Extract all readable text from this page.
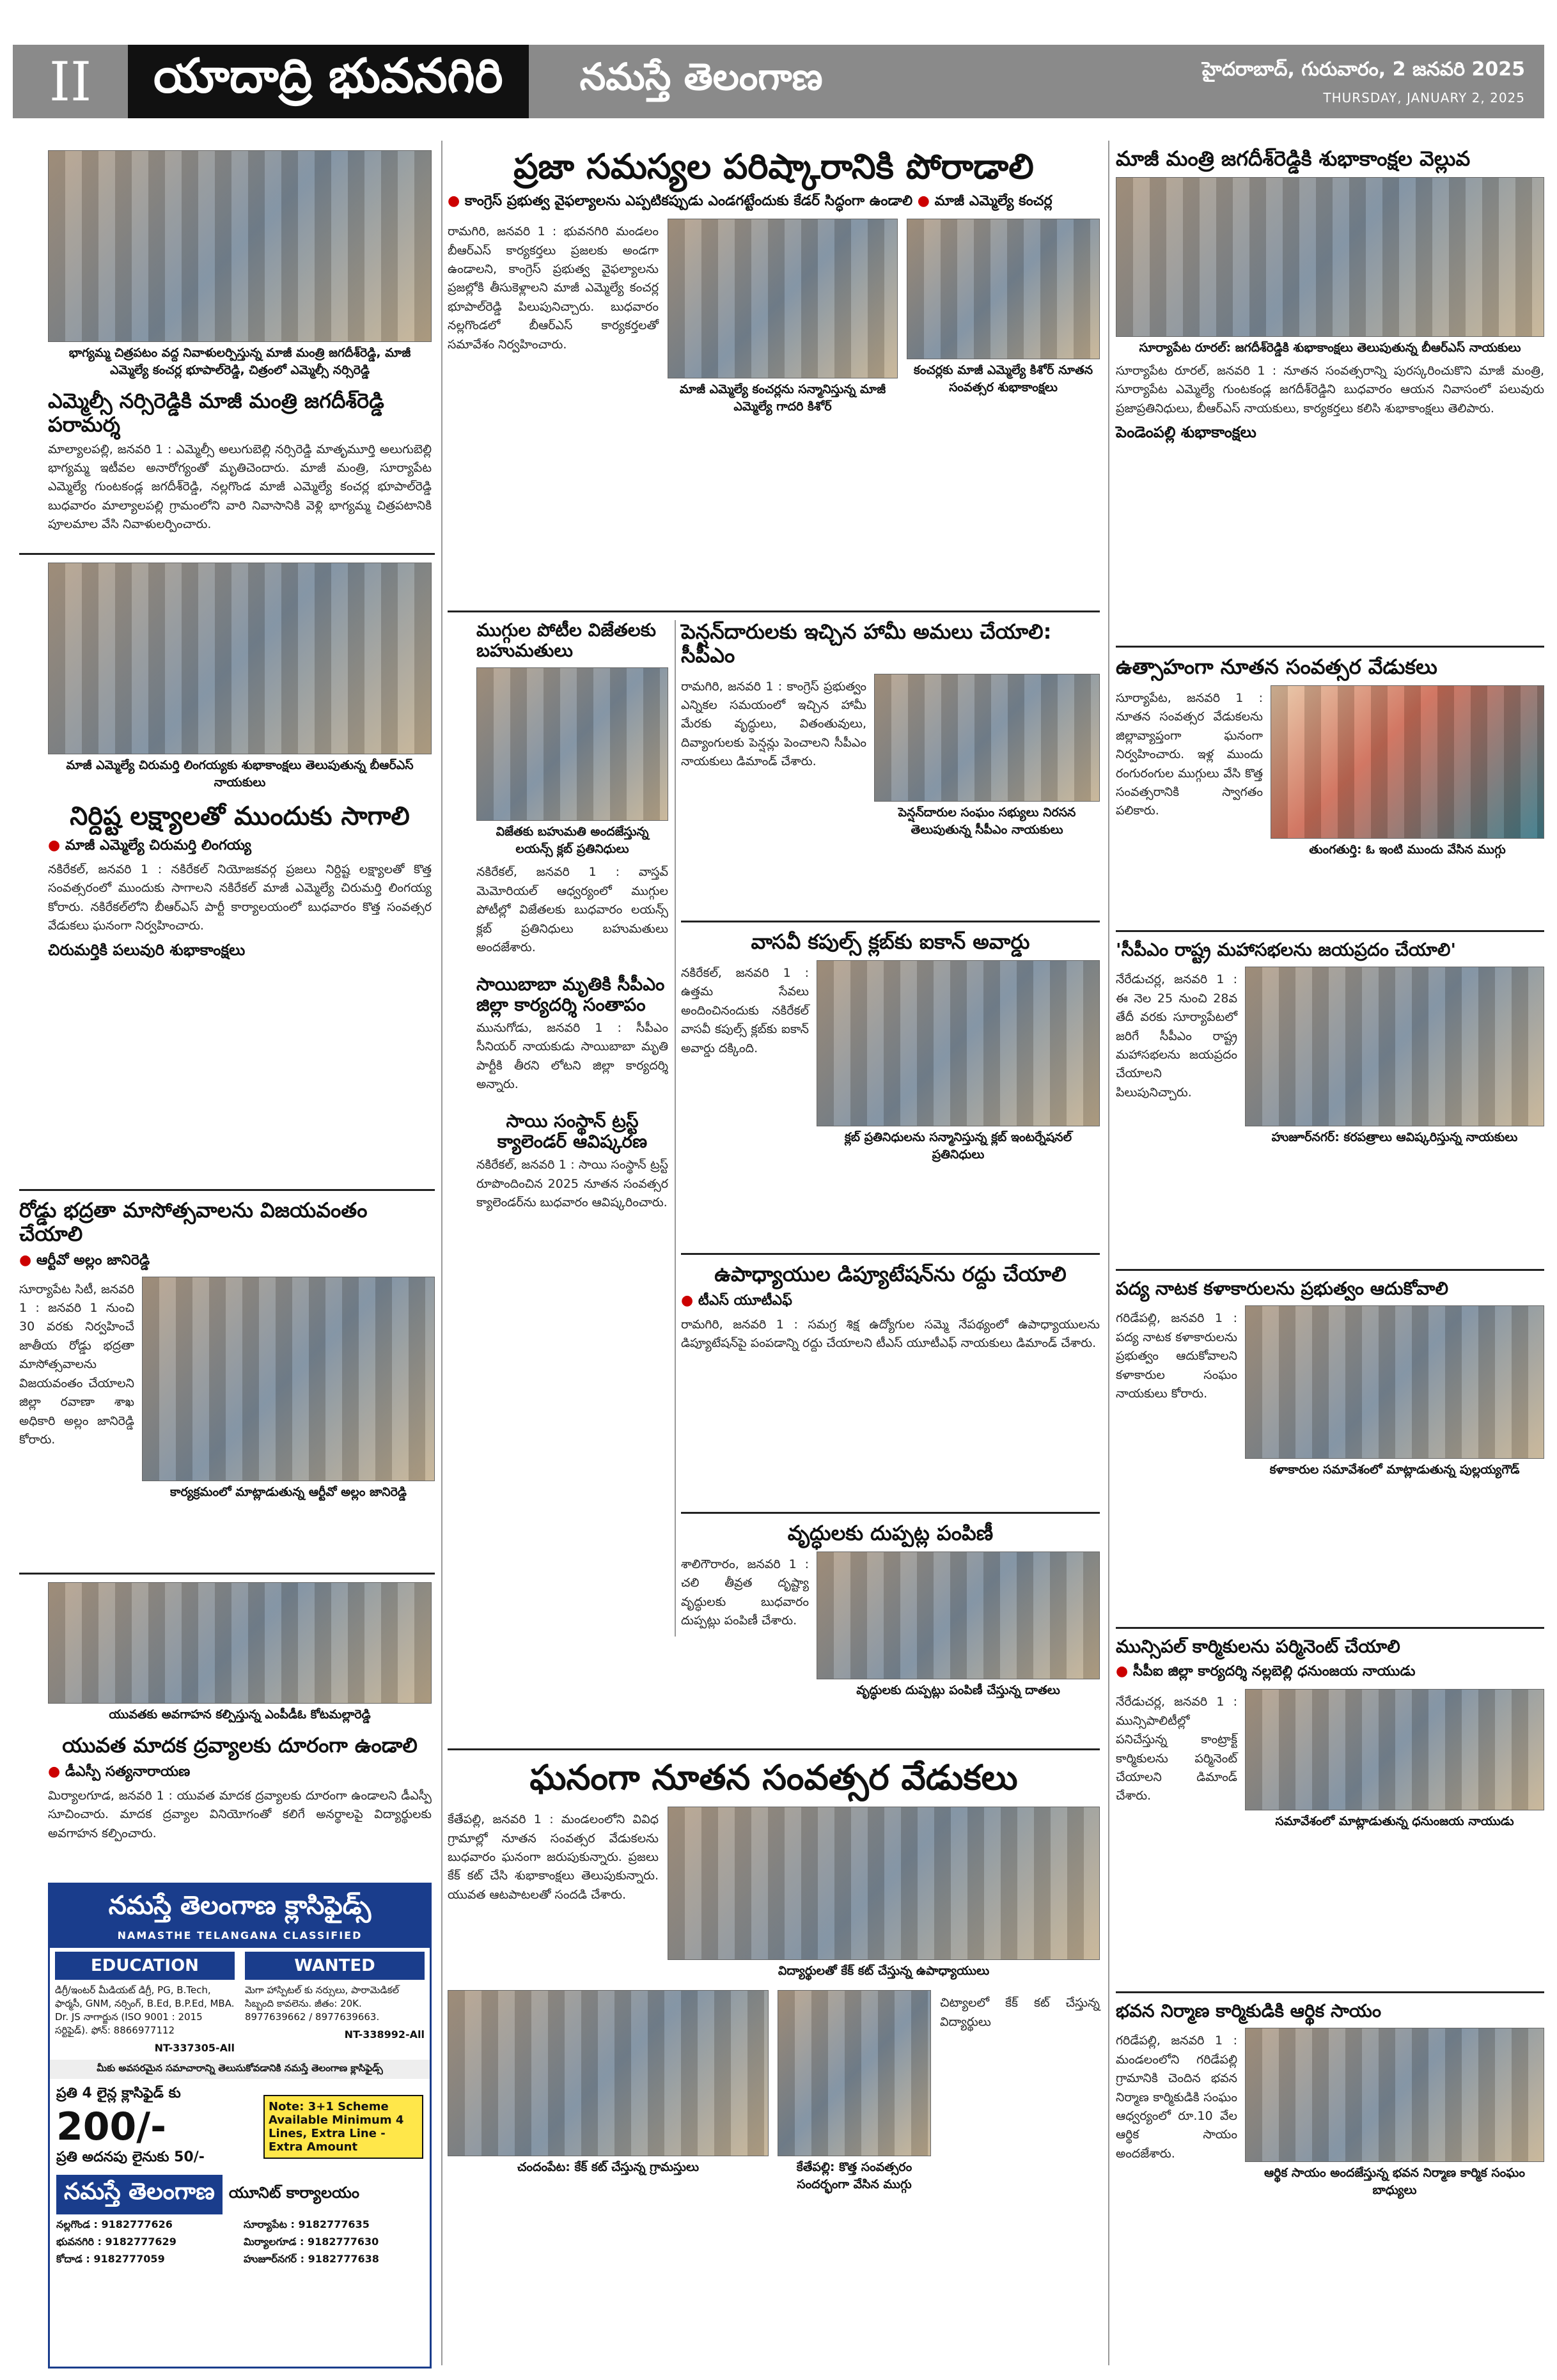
II	యాదాద్రి భువనగిరి	నమస్తే తెలంగాణ	హైదరాబాద్, గురువారం, 2 జనవరి 2025
THURSDAY, JANUARY 2, 2025
భాగ్యమ్మ చిత్రపటం వద్ద నివాళులర్పిస్తున్న మాజీ మంత్రి జగదీశ్‌రెడ్డి, మాజీ ఎమ్మెల్యే కంచర్ల భూపాల్‌రెడ్డి, చిత్రంలో ఎమ్మెల్సీ నర్సిరెడ్డి
ఎమ్మెల్సీ నర్సిరెడ్డికి మాజీ మంత్రి జగదీశ్‌రెడ్డి పరామర్శ
మాల్యాలపల్లి, జనవరి 1 : ఎమ్మెల్సీ అలుగుబెల్లి నర్సిరెడ్డి మాతృమూర్తి అలుగుబెల్లి భాగ్యమ్మ ఇటీవల అనారోగ్యంతో మృతిచెందారు. మాజీ మంత్రి, సూర్యాపేట ఎమ్మెల్యే గుంటకండ్ల జగదీశ్‌రెడ్డి, నల్లగొండ మాజీ ఎమ్మెల్యే కంచర్ల భూపాల్‌రెడ్డి బుధవారం మాల్యాలపల్లి గ్రామంలోని వారి నివాసానికి వెళ్లి భాగ్యమ్మ చిత్రపటానికి పూలమాల వేసి నివాళులర్పించారు.
మాజీ ఎమ్మెల్యే చిరుమర్తి లింగయ్యకు శుభాకాంక్షలు తెలుపుతున్న బీఆర్‌ఎస్ నాయకులు
నిర్దిష్ట లక్ష్యాలతో ముందుకు సాగాలి
● మాజీ ఎమ్మెల్యే చిరుమర్తి లింగయ్య
నకిరేకల్, జనవరి 1 : నకిరేకల్ నియోజకవర్గ ప్రజలు నిర్దిష్ట లక్ష్యాలతో కొత్త సంవత్సరంలో ముందుకు సాగాలని నకిరేకల్ మాజీ ఎమ్మెల్యే చిరుమర్తి లింగయ్య కోరారు. నకిరేకల్‌లోని బీఆర్‌ఎస్ పార్టీ కార్యాలయంలో బుధవారం కొత్త సంవత్సర వేడుకలు ఘనంగా నిర్వహించారు.
చిరుమర్తికి పలువురి శుభాకాంక్షలు
రోడ్డు భద్రతా మాసోత్సవాలను విజయవంతం చేయాలి
● ఆర్టీవో అల్లం జానిరెడ్డి
సూర్యాపేట సిటీ, జనవరి 1 : జనవరి 1 నుంచి 30 వరకు నిర్వహించే జాతీయ రోడ్డు భద్రతా మాసోత్సవాలను విజయవంతం చేయాలని జిల్లా రవాణా శాఖ అధికారి అల్లం జానిరెడ్డి కోరారు.
కార్యక్రమంలో మాట్లాడుతున్న ఆర్టీవో అల్లం జానిరెడ్డి
యువతకు అవగాహన కల్పిస్తున్న ఎంపీడీఓ కోటమల్లారెడ్డి
యువత మాదక ద్రవ్యాలకు దూరంగా ఉండాలి
● డీఎస్పీ సత్యనారాయణ
మిర్యాలగూడ, జనవరి 1 : యువత మాదక ద్రవ్యాలకు దూరంగా ఉండాలని డీఎస్పీ సూచించారు. మాదక ద్రవ్యాల వినియోగంతో కలిగే అనర్థాలపై విద్యార్థులకు అవగాహన కల్పించారు.
నమస్తే తెలంగాణ క్లాసిఫైడ్స్
NAMASTHE TELANGANA CLASSIFIED
EDUCATION
డిగ్రీ/ఇంటర్ మీడియట్ డిగ్రీ, PG, B.Tech, ఫార్మసీ, GNM, నర్సింగ్, B.Ed, B.P.Ed, MBA. Dr. JS నాగార్జున (ISO 9001 : 2015 సర్టిఫైడ్). ఫోన్: 8866977112
NT-337305-All
WANTED
మెగా హాస్పిటల్ కు నర్సులు, పారామెడికల్ సిబ్బంది కావలెను. జీతం: 20K. 8977639662 / 8977639663.
NT-338992-All
మీకు అవసరమైన సమాచారాన్ని తెలుసుకోవడానికి నమస్తే తెలంగాణ క్లాసిఫైడ్స్
ప్రతి 4 లైన్ల క్లాసిఫైడ్ కు
200/-
ప్రతి అదనపు లైనుకు 50/-
Note: 3+1 Scheme Available Minimum 4 Lines, Extra Line - Extra Amount
నమస్తే తెలంగాణ యూనిట్ కార్యాలయం
నల్లగొండ : 9182777626	సూర్యాపేట : 9182777635
భువనగిరి : 9182777629	మిర్యాలగూడ : 9182777630
కోదాడ : 9182777059	హుజూర్‌నగర్ : 9182777638
ప్రజా సమస్యల పరిష్కారానికి పోరాడాలి
● కాంగ్రెస్ ప్రభుత్వ వైఫల్యాలను ఎప్పటికప్పుడు ఎండగట్టేందుకు కేడర్ సిద్ధంగా ఉండాలి ● మాజీ ఎమ్మెల్యే కంచర్ల
రామగిరి, జనవరి 1 : భువనగిరి మండలం బీఆర్‌ఎస్ కార్యకర్తలు ప్రజలకు అండగా ఉండాలని, కాంగ్రెస్ ప్రభుత్వ వైఫల్యాలను ప్రజల్లోకి తీసుకెళ్లాలని మాజీ ఎమ్మెల్యే కంచర్ల భూపాల్‌రెడ్డి పిలుపునిచ్చారు. బుధవారం నల్లగొండలో బీఆర్‌ఎస్ కార్యకర్తలతో సమావేశం నిర్వహించారు.
మాజీ ఎమ్మెల్యే కంచర్లను సన్మానిస్తున్న మాజీ ఎమ్మెల్యే గాదరి కిశోర్
కంచర్లకు మాజీ ఎమ్మెల్యే కిశోర్ నూతన సంవత్సర శుభాకాంక్షలు
ముగ్గుల పోటీల విజేతలకు బహుమతులు
విజేతకు బహుమతి అందజేస్తున్న లయన్స్ క్లబ్ ప్రతినిధులు
నకిరేకల్, జనవరి 1 : వాస్తవ్ మెమోరియల్ ఆధ్వర్యంలో ముగ్గుల పోటీల్లో విజేతలకు బుధవారం లయన్స్ క్లబ్ ప్రతినిధులు బహుమతులు అందజేశారు.
సాయిబాబా మృతికి సీపీఎం జిల్లా కార్యదర్శి సంతాపం
మునుగోడు, జనవరి 1 : సీపీఎం సీనియర్ నాయకుడు సాయిబాబా మృతి పార్టీకి తీరని లోటని జిల్లా కార్యదర్శి అన్నారు.
సాయి సంస్థాన్ ట్రస్ట్ క్యాలెండర్ ఆవిష్కరణ
నకిరేకల్, జనవరి 1 : సాయి సంస్థాన్ ట్రస్ట్ రూపొందించిన 2025 నూతన సంవత్సర క్యాలెండర్‌ను బుధవారం ఆవిష్కరించారు.
పెన్షన్‌దారులకు ఇచ్చిన హామీ అమలు చేయాలి: సీపీఎం
రామగిరి, జనవరి 1 : కాంగ్రెస్ ప్రభుత్వం ఎన్నికల సమయంలో ఇచ్చిన హామీ మేరకు వృద్ధులు, వితంతువులు, దివ్యాంగులకు పెన్షన్లు పెంచాలని సీపీఎం నాయకులు డిమాండ్ చేశారు.
పెన్షన్‌దారుల సంఘం సభ్యులు నిరసన తెలుపుతున్న సీపీఎం నాయకులు
వాసవీ కపుల్స్ క్లబ్‌కు ఐకాన్ అవార్డు
నకిరేకల్, జనవరి 1 : ఉత్తమ సేవలు అందించినందుకు నకిరేకల్ వాసవీ కపుల్స్ క్లబ్‌కు ఐకాన్ అవార్డు దక్కింది.
క్లబ్ ప్రతినిధులను సన్మానిస్తున్న క్లబ్ ఇంటర్నేషనల్ ప్రతినిధులు
ఉపాధ్యాయుల డిప్యూటేషన్‌ను రద్దు చేయాలి
● టీఎస్ యూటీఎఫ్
రామగిరి, జనవరి 1 : సమగ్ర శిక్ష ఉద్యోగుల సమ్మె నేపథ్యంలో ఉపాధ్యాయులను డిప్యూటేషన్‌పై పంపడాన్ని రద్దు చేయాలని టీఎస్ యూటీఎఫ్ నాయకులు డిమాండ్ చేశారు.
వృద్ధులకు దుప్పట్ల పంపిణీ
శాలిగౌరారం, జనవరి 1 : చలి తీవ్రత దృష్ట్యా వృద్ధులకు బుధవారం దుప్పట్లు పంపిణీ చేశారు.
వృద్ధులకు దుప్పట్లు పంపిణీ చేస్తున్న దాతలు
ఘనంగా నూతన సంవత్సర వేడుకలు
కేతేపల్లి, జనవరి 1 : మండలంలోని వివిధ గ్రామాల్లో నూతన సంవత్సర వేడుకలను బుధవారం ఘనంగా జరుపుకున్నారు. ప్రజలు కేక్ కట్ చేసి శుభాకాంక్షలు తెలుపుకున్నారు. యువత ఆటపాటలతో సందడి చేశారు.
విద్యార్థులతో కేక్ కట్ చేస్తున్న ఉపాధ్యాయులు
చందంపేట: కేక్ కట్ చేస్తున్న గ్రామస్తులు	కేతేపల్లి: కొత్త సంవత్సరం సందర్భంగా వేసిన ముగ్గు
చిట్యాలలో కేక్ కట్ చేస్తున్న విద్యార్థులు
మాజీ మంత్రి జగదీశ్‌రెడ్డికి శుభాకాంక్షల వెల్లువ
సూర్యాపేట రూరల్: జగదీశ్‌రెడ్డికి శుభాకాంక్షలు తెలుపుతున్న బీఆర్‌ఎస్ నాయకులు
సూర్యాపేట రూరల్, జనవరి 1 : నూతన సంవత్సరాన్ని పురస్కరించుకొని మాజీ మంత్రి, సూర్యాపేట ఎమ్మెల్యే గుంటకండ్ల జగదీశ్‌రెడ్డిని బుధవారం ఆయన నివాసంలో పలువురు ప్రజాప్రతినిధులు, బీఆర్‌ఎస్ నాయకులు, కార్యకర్తలు కలిసి శుభాకాంక్షలు తెలిపారు.
పెండెంపల్లి శుభాకాంక్షలు
ఉత్సాహంగా నూతన సంవత్సర వేడుకలు
సూర్యాపేట, జనవరి 1 : నూతన సంవత్సర వేడుకలను జిల్లావ్యాప్తంగా ఘనంగా నిర్వహించారు. ఇళ్ల ముందు రంగురంగుల ముగ్గులు వేసి కొత్త సంవత్సరానికి స్వాగతం పలికారు.
తుంగతుర్తి: ఓ ఇంటి ముందు వేసిన ముగ్గు
'సీపీఎం రాష్ట్ర మహాసభలను జయప్రదం చేయాలి'
నేరేడుచర్ల, జనవరి 1 : ఈ నెల 25 నుంచి 28వ తేదీ వరకు సూర్యాపేటలో జరిగే సీపీఎం రాష్ట్ర మహాసభలను జయప్రదం చేయాలని పిలుపునిచ్చారు.
హుజూర్‌నగర్: కరపత్రాలు ఆవిష్కరిస్తున్న నాయకులు
పద్య నాటక కళాకారులను ప్రభుత్వం ఆదుకోవాలి
గరిడేపల్లి, జనవరి 1 : పద్య నాటక కళాకారులను ప్రభుత్వం ఆదుకోవాలని కళాకారుల సంఘం నాయకులు కోరారు.
కళాకారుల సమావేశంలో మాట్లాడుతున్న పుల్లయ్యగౌడ్
మున్సిపల్ కార్మికులను పర్మినెంట్ చేయాలి
● సీపీఐ జిల్లా కార్యదర్శి నల్లబెల్లి ధనుంజయ నాయుడు
నేరేడుచర్ల, జనవరి 1 : మున్సిపాలిటీల్లో పనిచేస్తున్న కాంట్రాక్ట్ కార్మికులను పర్మినెంట్ చేయాలని డిమాండ్ చేశారు.
సమావేశంలో మాట్లాడుతున్న ధనుంజయ నాయుడు
భవన నిర్మాణ కార్మికుడికి ఆర్థిక సాయం
గరిడేపల్లి, జనవరి 1 : మండలంలోని గరిడేపల్లి గ్రామానికి చెందిన భవన నిర్మాణ కార్మికుడికి సంఘం ఆధ్వర్యంలో రూ.10 వేల ఆర్థిక సాయం అందజేశారు.
ఆర్థిక సాయం అందజేస్తున్న భవన నిర్మాణ కార్మిక సంఘం బాధ్యులు
